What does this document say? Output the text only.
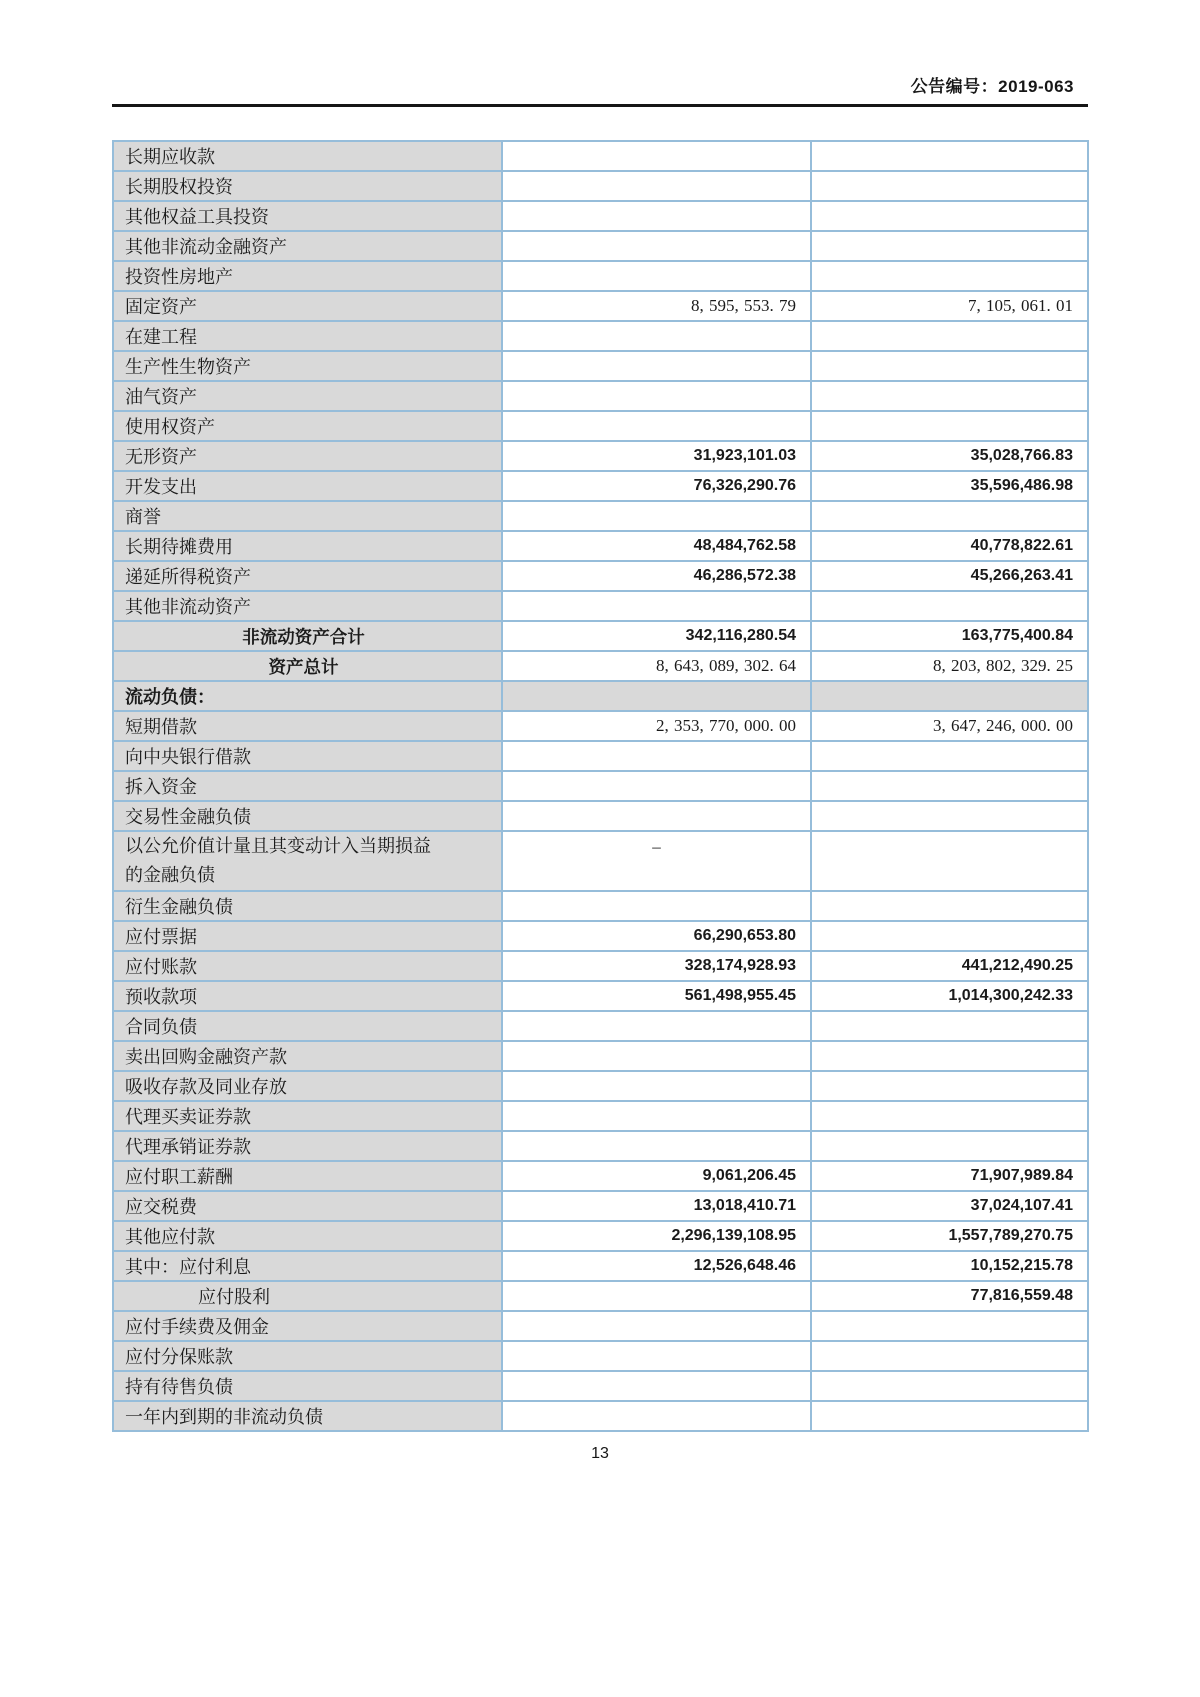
公告编号：2019-063
长期应收款		

长期股权投资		

其他权益工具投资		

其他非流动金融资产		

投资性房地产		

固定资产	8, 595, 553. 79	7, 105, 061. 01

在建工程		

生产性生物资产		

油气资产		

使用权资产		

无形资产	31,923,101.03	35,028,766.83

开发支出	76,326,290.76	35,596,486.98

商誉		

长期待摊费用	48,484,762.58	40,778,822.61

递延所得税资产	46,286,572.38	45,266,263.41

其他非流动资产		

非流动资产合计	342,116,280.54	163,775,400.84

资产总计	8, 643, 089, 302. 64	8, 203, 802, 329. 25

流动负债：		

短期借款	2, 353, 770, 000. 00	3, 647, 246, 000. 00

向中央银行借款		

拆入资金		

交易性金融负债		

以公允价值计量且其变动计入当期损益
的金融负债	–	

衍生金融负债		

应付票据	66,290,653.80	

应付账款	328,174,928.93	441,212,490.25

预收款项	561,498,955.45	1,014,300,242.33

合同负债		

卖出回购金融资产款		

吸收存款及同业存放		

代理买卖证券款		

代理承销证券款		

应付职工薪酬	9,061,206.45	71,907,989.84

应交税费	13,018,410.71	37,024,107.41

其他应付款	2,296,139,108.95	1,557,789,270.75

其中：应付利息	12,526,648.46	10,152,215.78

应付股利		77,816,559.48

应付手续费及佣金		

应付分保账款		

持有待售负债		

一年内到期的非流动负债		

13
